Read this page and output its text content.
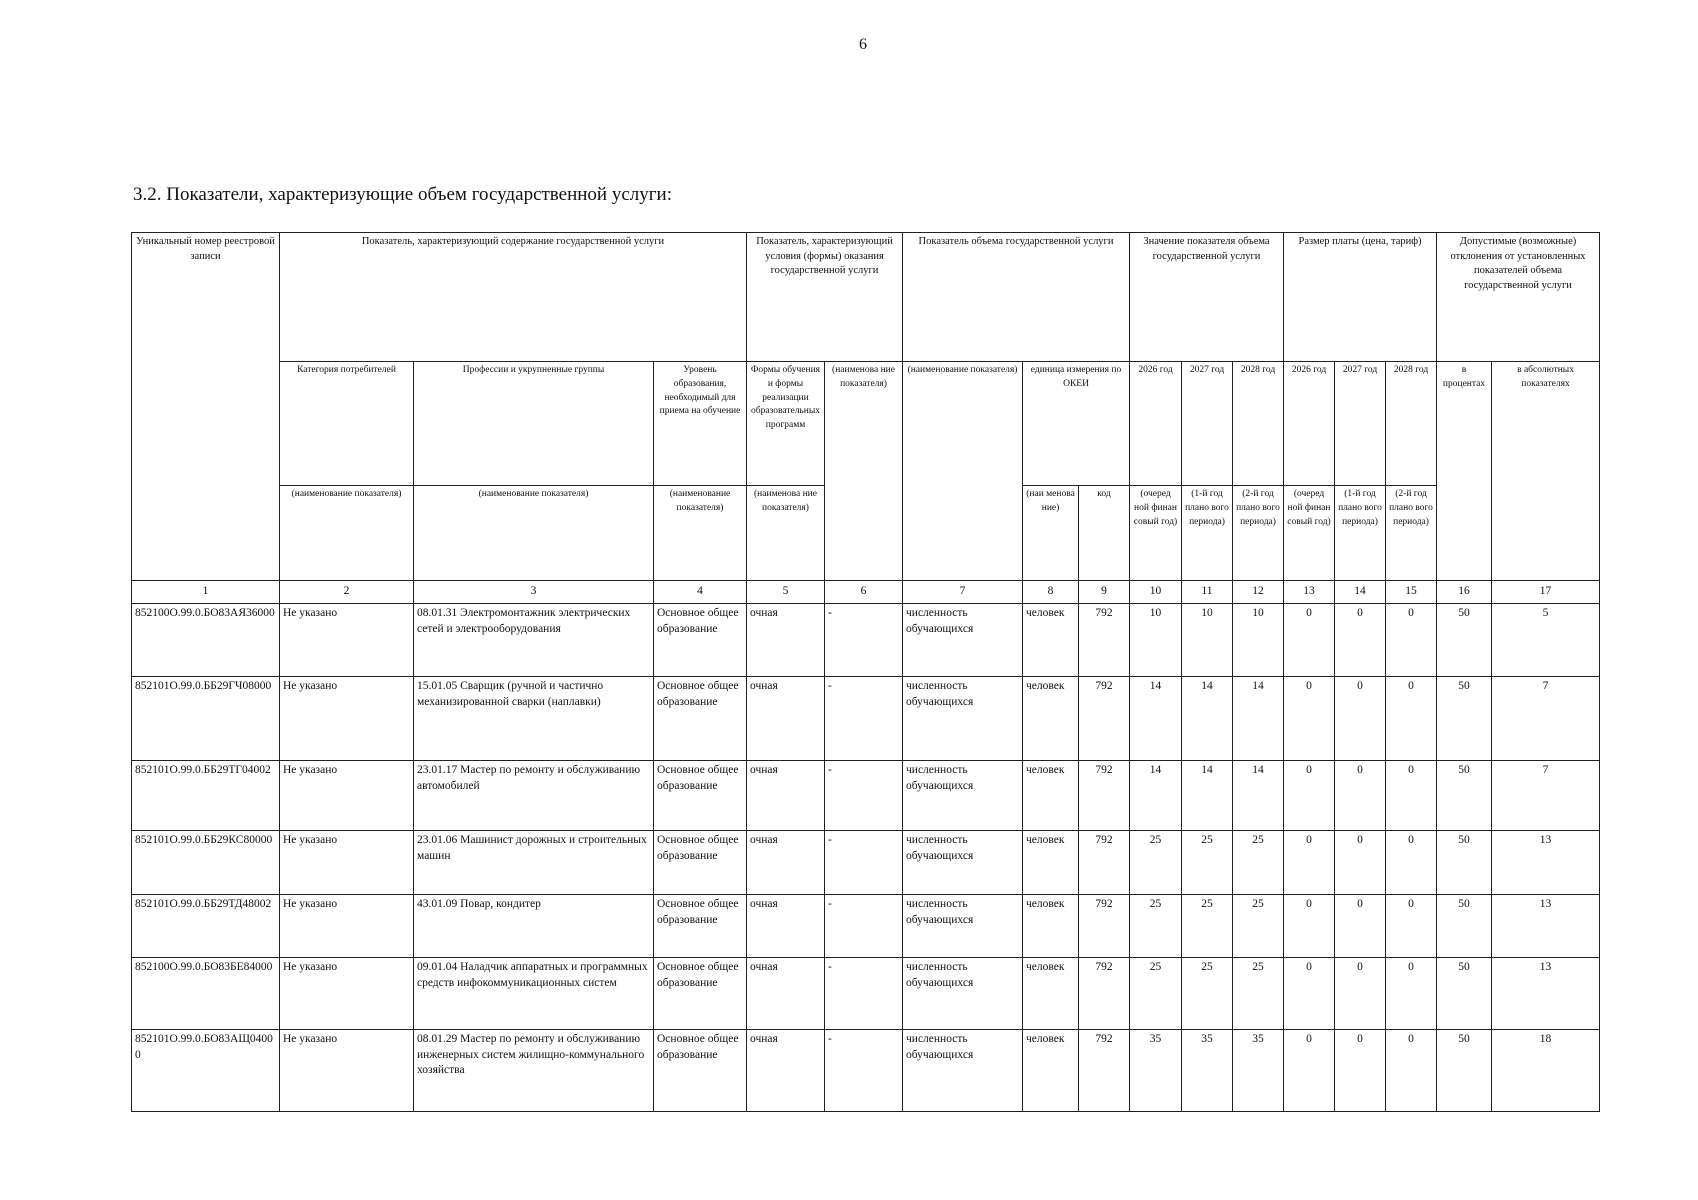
6
3.2. Показатели, характеризующие объем государственной услуги:
Уникальный номер реестровой записи	Показатель, характеризующий содержание государственной услуги			Показатель, характеризующий условия (формы) оказания государственной услуги		Показатель объема государственной услуги			Значение показателя объема государственной услуги			Размер платы (цена, тариф)			Допустимые (возможные) отклонения от установленных показателей объема государственной услуги	
	Категория потребителей	Профессии и укрупненные группы	Уровень образования, необходимый для приема на обучение	Формы обучения и формы реализации образовательных программ	(наименова ние показателя)	(наименование показателя)	единица измерения по ОКЕИ		2026 год	2027 год	2028 год	2026 год	2027 год	2028 год	в процентах	в абсолютных показателях
	(наименование показателя)	(наименование показателя)	(наименование показателя)	(наименова ние показателя)			(наи менова ние)	код	(очеред ной финан совый год)	(1-й год плано вого периода)	(2-й год плано вого периода)	(очеред ной финан совый год)	(1-й год плано вого периода)	(2-й год плано вого периода)		
1	2	3	4	5	6	7	8	9	10	11	12	13	14	15	16	17
852100О.99.0.БО83АЯ36000	Не указано	08.01.31 Электромонтажник электрических сетей и электрооборудования	Основное общее образование	очная	-	численность обучающихся	человек	792	10	10	10	0	0	0	50	5
852101О.99.0.ББ29ГЧ08000	Не указано	15.01.05 Сварщик (ручной и частично механизированной сварки (наплавки)	Основное общее образование	очная	-	численность обучающихся	человек	792	14	14	14	0	0	0	50	7
852101О.99.0.ББ29ТГ04002	Не указано	23.01.17 Мастер по ремонту и обслуживанию автомобилей	Основное общее образование	очная	-	численность обучающихся	человек	792	14	14	14	0	0	0	50	7
852101О.99.0.ББ29КС80000	Не указано	23.01.06 Машинист дорожных и строительных машин	Основное общее образование	очная	-	численность обучающихся	человек	792	25	25	25	0	0	0	50	13
852101О.99.0.ББ29ТД48002	Не указано	43.01.09 Повар, кондитер	Основное общее образование	очная	-	численность обучающихся	человек	792	25	25	25	0	0	0	50	13
852100О.99.0.БО83БЕ84000	Не указано	09.01.04 Наладчик аппаратных и программных средств инфокоммуникационных систем	Основное общее образование	очная	-	численность обучающихся	человек	792	25	25	25	0	0	0	50	13
852101О.99.0.БО83АЩ04000	Не указано	08.01.29 Мастер по ремонту и обслуживанию инженерных систем жилищно-коммунального хозяйства	Основное общее образование	очная	-	численность обучающихся	человек	792	35	35	35	0	0	0	50	18
